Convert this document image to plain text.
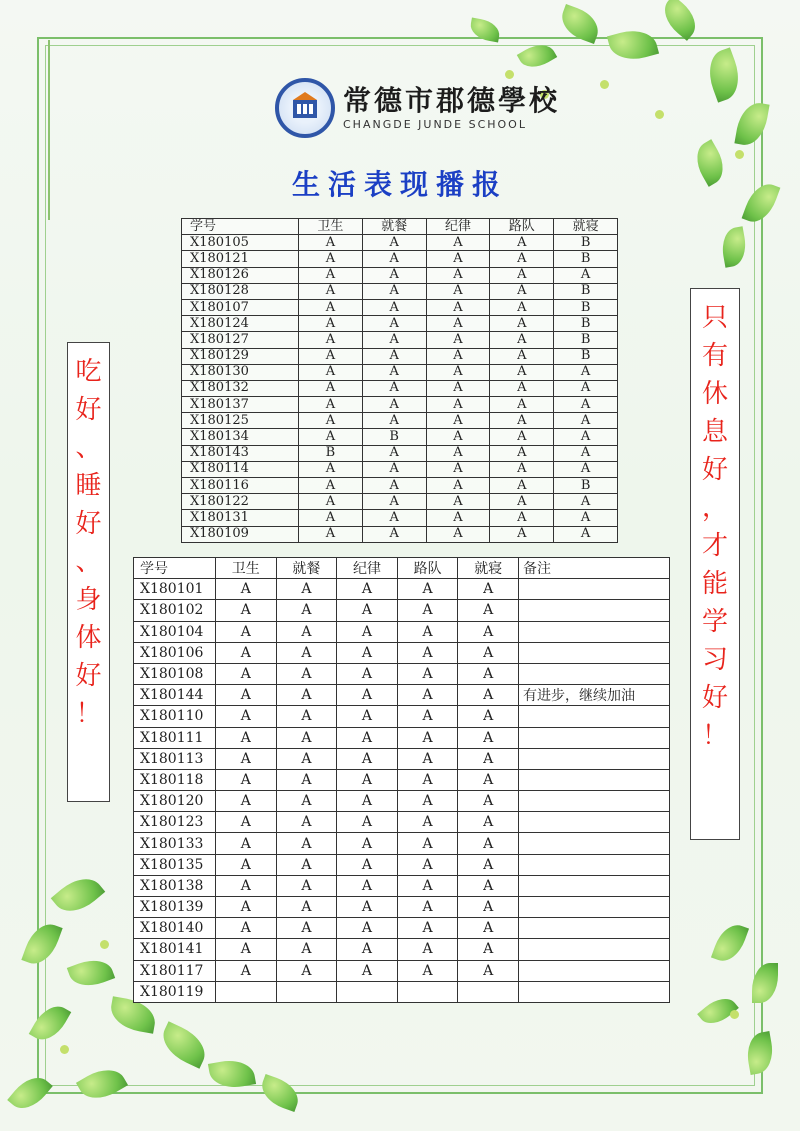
常德市郡德學校
CHANGDE JUNDE SCHOOL
生活表现播报
学号	卫生	就餐	纪律	路队	就寝
X180105	A	A	A	A	B
X180121	A	A	A	A	B
X180126	A	A	A	A	A
X180128	A	A	A	A	B
X180107	A	A	A	A	B
X180124	A	A	A	A	B
X180127	A	A	A	A	B
X180129	A	A	A	A	B
X180130	A	A	A	A	A
X180132	A	A	A	A	A
X180137	A	A	A	A	A
X180125	A	A	A	A	A
X180134	A	B	A	A	A
X180143	B	A	A	A	A
X180114	A	A	A	A	A
X180116	A	A	A	A	B
X180122	A	A	A	A	A
X180131	A	A	A	A	A
X180109	A	A	A	A	A
学号	卫生	就餐	纪律	路队	就寝	备注
X180101	A	A	A	A	A	
X180102	A	A	A	A	A	
X180104	A	A	A	A	A	
X180106	A	A	A	A	A	
X180108	A	A	A	A	A	
X180144	A	A	A	A	A	有进步，继续加油
X180110	A	A	A	A	A	
X180111	A	A	A	A	A	
X180113	A	A	A	A	A	
X180118	A	A	A	A	A	
X180120	A	A	A	A	A	
X180123	A	A	A	A	A	
X180133	A	A	A	A	A	
X180135	A	A	A	A	A	
X180138	A	A	A	A	A	
X180139	A	A	A	A	A	
X180140	A	A	A	A	A	
X180141	A	A	A	A	A	
X180117	A	A	A	A	A	
X180119						
吃
好
、
睡
好
、
身
体
好
！
只
有
休
息
好
，
才
能
学
习
好
！
